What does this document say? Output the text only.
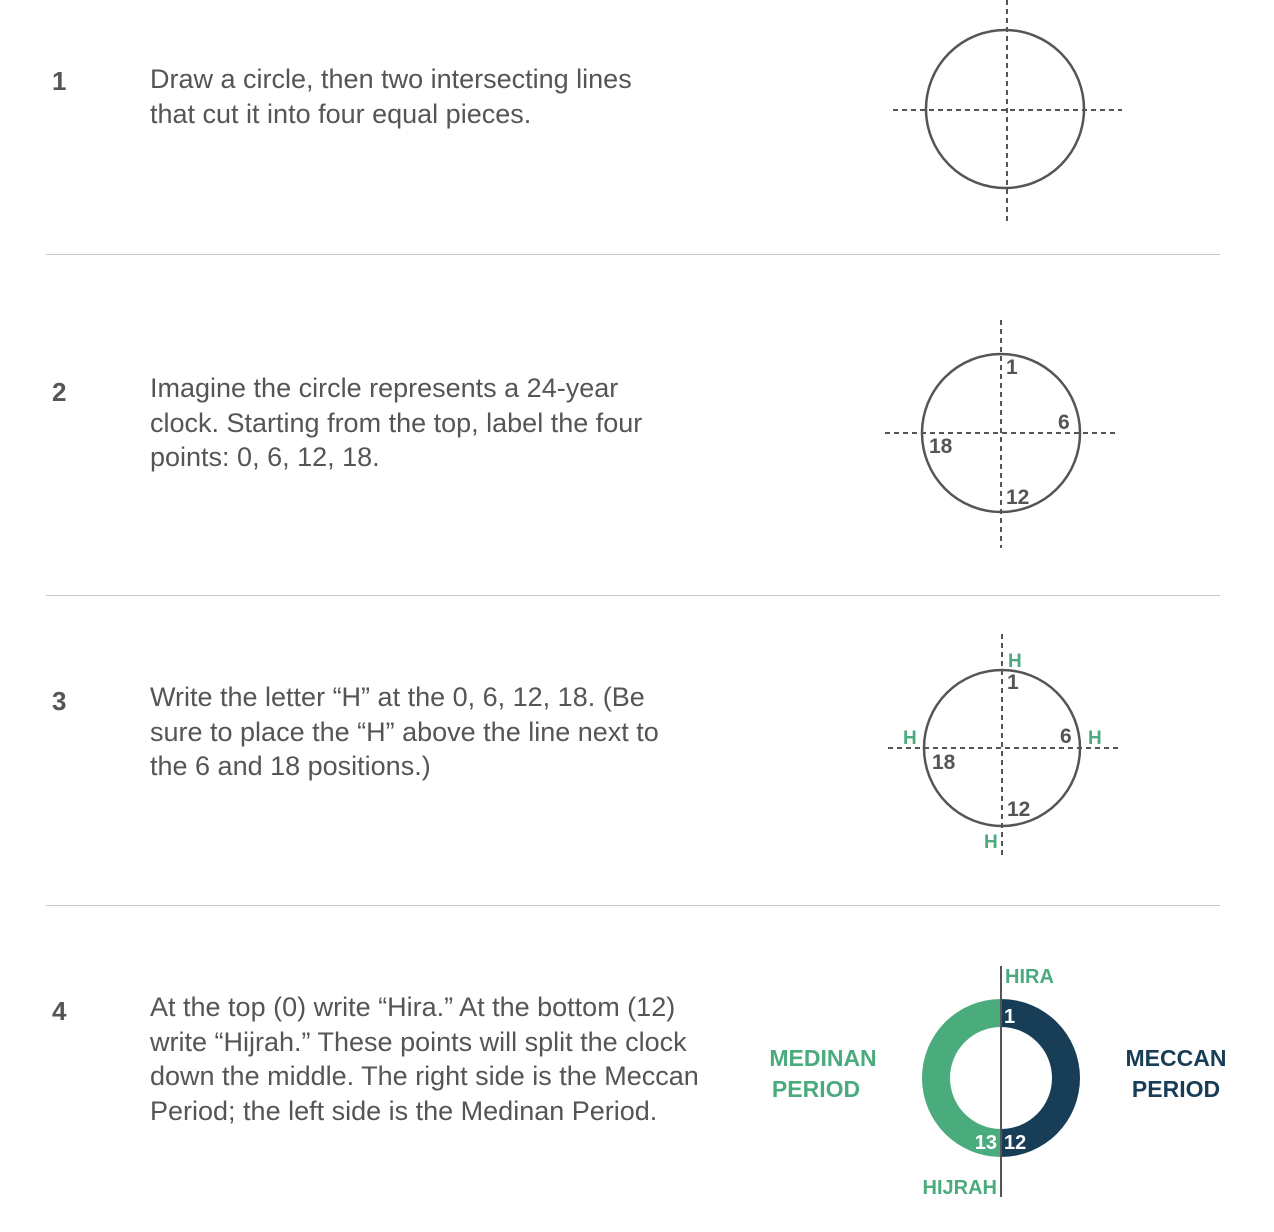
1	Draw a circle, then two intersecting lines that cut it into four equal pieces.
2	Imagine the circle represents a 24-year clock. Starting from the top, label the four points: 0, 6, 12, 18.
3	Write the letter “H” at the 0, 6, 12, 18. (Be sure to place the “H” above the line next to the 6 and 18 positions.)
4	At the top (0) write “Hira.” At the bottom (12) write “Hijrah.” These points will split the clock down the middle. The right side is the Meccan Period; the left side is the Medinan Period.
1
6
12
18
1
6
12
18
H
H
H
H
HIRA
HIJRAH
MEDINAN
PERIOD
MECCAN
PERIOD
1
12
13
